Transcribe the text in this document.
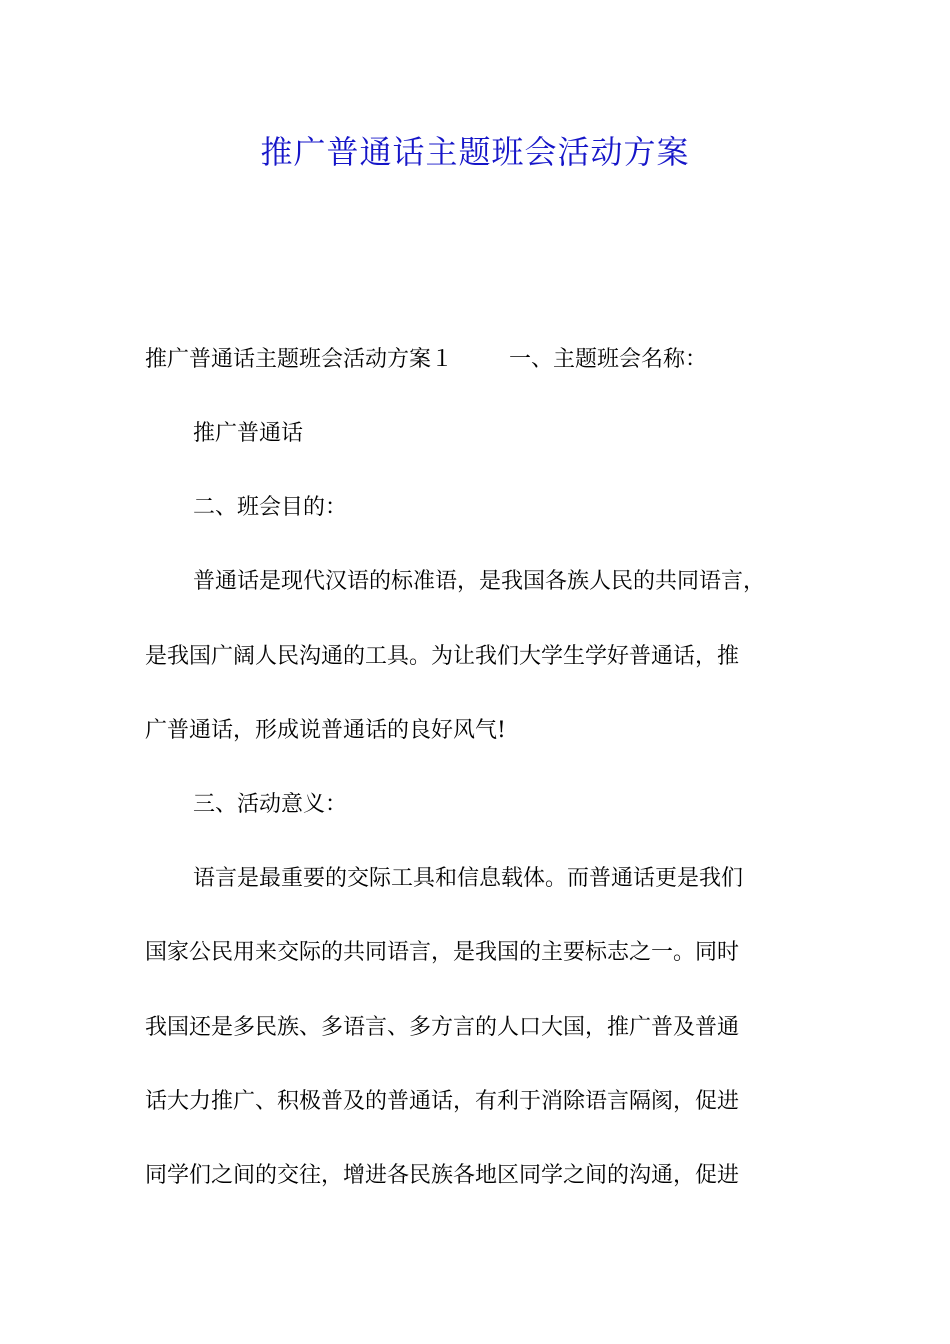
推广普通话主题班会活动方案

推广普通话主题班会活动方案１	一、主题班会名称：

推广普通话

二、班会目的：

普通话是现代汉语的标准语，是我国各族人民的共同语言，

是我国广阔人民沟通的工具。为让我们大学生学好普通话，推

广普通话，形成说普通话的良好风气!

三、活动意义：

语言是最重要的交际工具和信息载体。而普通话更是我们

国家公民用来交际的共同语言，是我国的主要标志之一。同时

我国还是多民族、多语言、多方言的人口大国，推广普及普通

话大力推广、积极普及的普通话，有利于消除语言隔阂，促进

同学们之间的交往，增进各民族各地区同学之间的沟通，促进
